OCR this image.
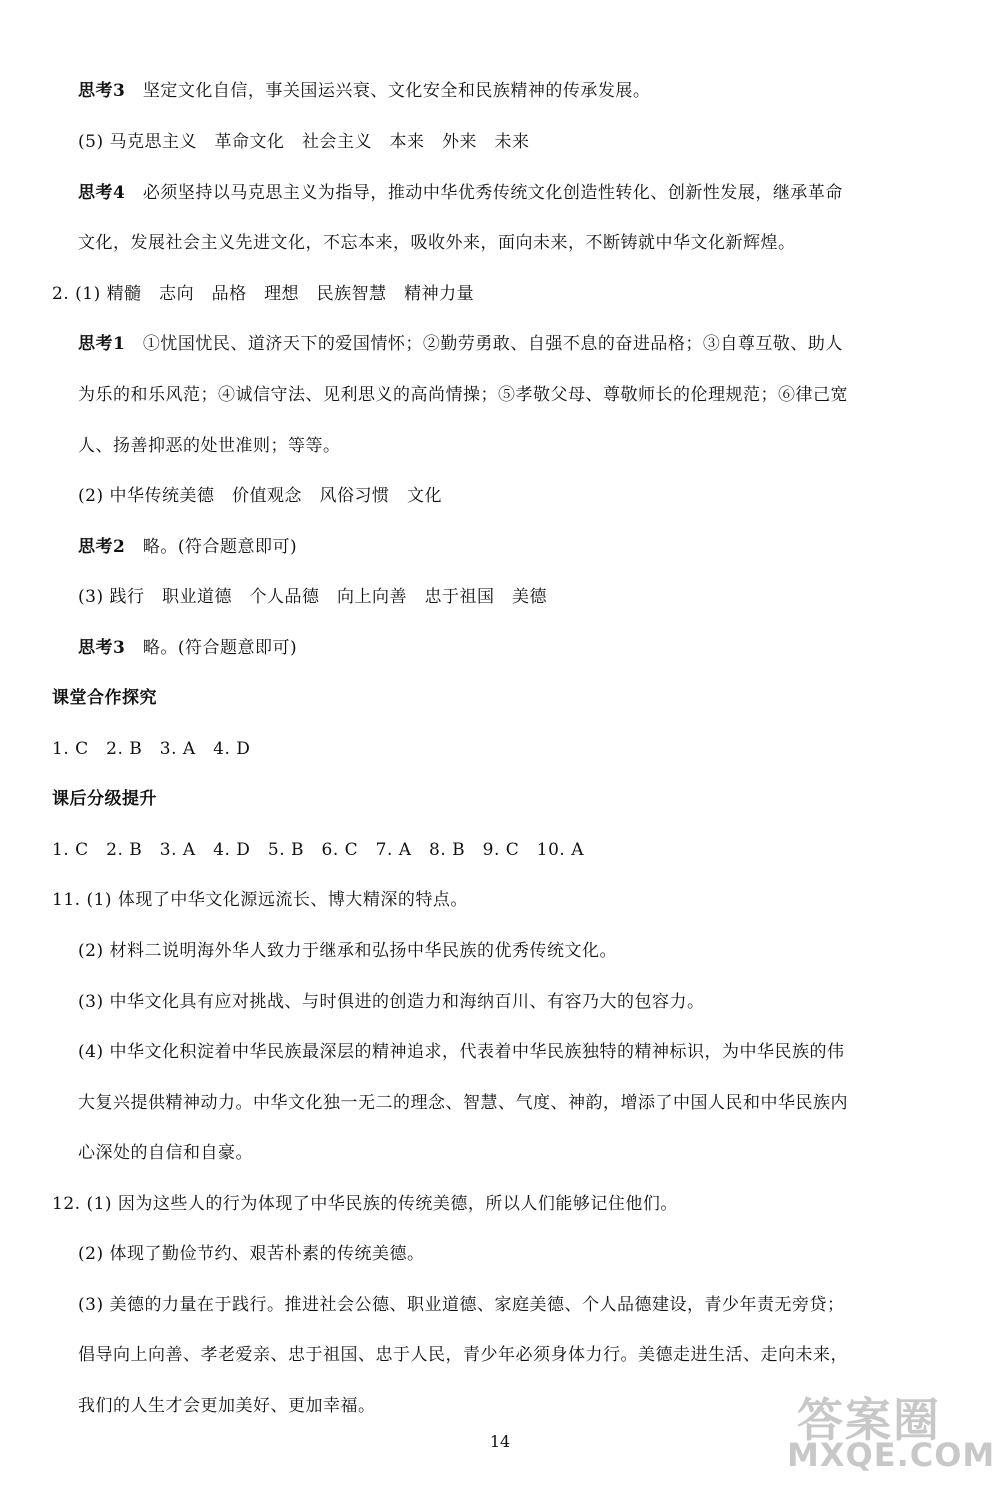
思考3　 坚定文化自信，事关国运兴衰、文化安全和民族精神的传承发展。
(5) 马克思主义　革命文化　社会主义　本来　外来　未来
思考4　 必须坚持以马克思主义为指导，推动中华优秀传统文化创造性转化、创新性发展，继承革命
文化，发展社会主义先进文化，不忘本来，吸收外来，面向未来，不断铸就中华文化新辉煌。
2. (1) 精髓　志向　品格　理想　民族智慧　精神力量
思考1　 ①忧国忧民、道济天下的爱国情怀；②勤劳勇敢、自强不息的奋进品格；③自尊互敬、助人
为乐的和乐风范；④诚信守法、见利思义的高尚情操；⑤孝敬父母、尊敬师长的伦理规范；⑥律己宽
人、扬善抑恶的处世准则；等等。
(2) 中华传统美德　价值观念　风俗习惯　文化
思考2　 略。(符合题意即可)
(3) 践行　职业道德　个人品德　向上向善　忠于祖国　美德
思考3　 略。(符合题意即可)
课堂合作探究
1. C　2. B　3. A　4. D
课后分级提升
1. C　2. B　3. A　4. D　5. B　6. C　7. A　8. B　9. C　10. A
11. (1) 体现了中华文化源远流长、博大精深的特点。
(2) 材料二说明海外华人致力于继承和弘扬中华民族的优秀传统文化。
(3) 中华文化具有应对挑战、与时俱进的创造力和海纳百川、有容乃大的包容力。
(4) 中华文化积淀着中华民族最深层的精神追求，代表着中华民族独特的精神标识，为中华民族的伟
大复兴提供精神动力。中华文化独一无二的理念、智慧、气度、神韵，增添了中国人民和中华民族内
心深处的自信和自豪。
12. (1) 因为这些人的行为体现了中华民族的传统美德，所以人们能够记住他们。
(2) 体现了勤俭节约、艰苦朴素的传统美德。
(3) 美德的力量在于践行。推进社会公德、职业道德、家庭美德、个人品德建设，青少年责无旁贷；
倡导向上向善、孝老爱亲、忠于祖国、忠于人民，青少年必须身体力行。美德走进生活、走向未来，
我们的人生才会更加美好、更加幸福。
14	答案圈
MXQE.COM
